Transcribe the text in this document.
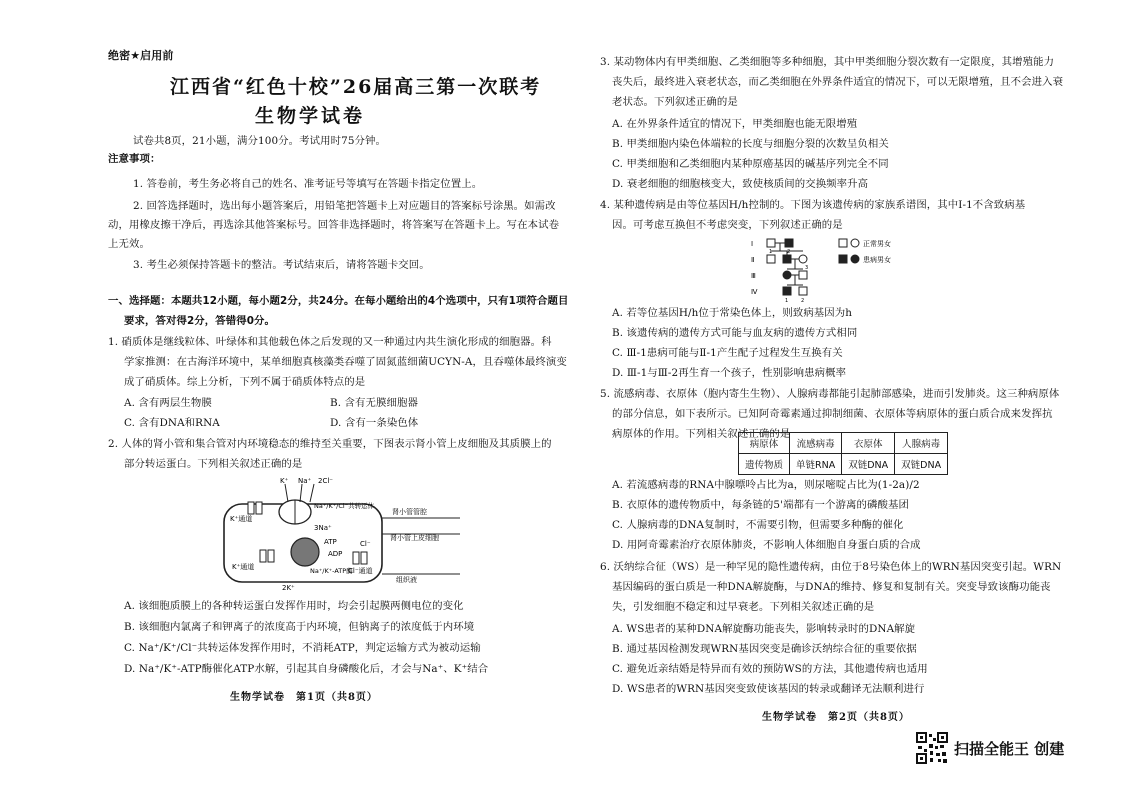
绝密★启用前
江西省“红色十校”26届高三第一次联考
生物学试卷
试卷共8页，21小题，满分100分。考试用时75分钟。
注意事项：
1. 答卷前，考生务必将自己的姓名、准考证号等填写在答题卡指定位置上。
2. 回答选择题时，选出每小题答案后，用铅笔把答题卡上对应题目的答案标号涂黑。如需改
动，用橡皮擦干净后，再选涂其他答案标号。回答非选择题时，将答案写在答题卡上。写在本试卷
上无效。
3. 考生必须保持答题卡的整洁。考试结束后，请将答题卡交回。
一、选择题：本题共12小题，每小题2分，共24分。在每小题给出的4个选项中，只有1项符合题目
要求，答对得2分，答错得0分。
1. 硝质体是继线粒体、叶绿体和其他载色体之后发现的又一种通过内共生演化形成的细胞器。科
学家推测：在古海洋环境中，某单细胞真核藻类吞噬了固氮蓝细菌UCYN-A，且吞噬体最终演变
成了硝质体。综上分析，下列不属于硝质体特点的是
A. 含有两层生物膜	B. 含有无膜细胞器
C. 含有DNA和RNA	D. 含有一条染色体
2. 人体的肾小管和集合管对内环境稳态的维持至关重要，下图表示肾小管上皮细胞及其质膜上的
部分转运蛋白。下列相关叙述正确的是
K⁺ Na⁺ 2Cl⁻
K⁺通道
Na⁺/K⁺/Cl⁻共转运体
肾小管管腔
3Na⁺
ATP
ADP
Cl⁻
肾小管上皮细胞
K⁺通道	Cl⁻通道
Na⁺/K⁺-ATP酶
2K⁺
组织液
A. 该细胞质膜上的各种转运蛋白发挥作用时，均会引起膜两侧电位的变化
B. 该细胞内氯离子和钾离子的浓度高于内环境，但钠离子的浓度低于内环境
C. Na⁺/K⁺/Cl⁻共转运体发挥作用时，不消耗ATP，判定运输方式为被动运输
D. Na⁺/K⁺-ATP酶催化ATP水解，引起其自身磷酸化后，才会与Na⁺、K⁺结合
生物学试卷　第1页（共8页）
3. 某动物体内有甲类细胞、乙类细胞等多种细胞，其中甲类细胞分裂次数有一定限度，其增殖能力
丧失后，最终进入衰老状态，而乙类细胞在外界条件适宜的情况下，可以无限增殖，且不会进入衰
老状态。下列叙述正确的是
A. 在外界条件适宜的情况下，甲类细胞也能无限增殖
B. 甲类细胞内染色体端粒的长度与细胞分裂的次数呈负相关
C. 甲类细胞和乙类细胞内某种原癌基因的碱基序列完全不同
D. 衰老细胞的细胞核变大，致使核质间的交换频率升高
4. 某种遗传病是由等位基因H/h控制的。下图为该遗传病的家族系谱图，其中Ⅰ-1不含致病基
因。可考虑互换但不考虑突变，下列叙述正确的是
Ⅰ
Ⅱ
Ⅲ
Ⅳ
1	2
3
1	2
正常男女
患病男女
A. 若等位基因H/h位于常染色体上，则致病基因为h
B. 该遗传病的遗传方式可能与血友病的遗传方式相同
C. Ⅲ-1患病可能与Ⅱ-1产生配子过程发生互换有关
D. Ⅲ-1与Ⅲ-2再生育一个孩子，性别影响患病概率
5. 流感病毒、衣原体（胞内寄生生物）、人腺病毒都能引起肺部感染，进而引发肺炎。这三种病原体
的部分信息，如下表所示。已知阿奇霉素通过抑制细菌、衣原体等病原体的蛋白质合成来发挥抗
病原体的作用。下列相关叙述正确的是
病原体	流感病毒	衣原体	人腺病毒
遗传物质	单链RNA	双链DNA	双链DNA
A. 若流感病毒的RNA中腺嘌呤占比为a，则尿嘧啶占比为(1-2a)/2
B. 衣原体的遗传物质中，每条链的5'端都有一个游离的磷酸基团
C. 人腺病毒的DNA复制时，不需要引物，但需要多种酶的催化
D. 用阿奇霉素治疗衣原体肺炎，不影响人体细胞自身蛋白质的合成
6. 沃纳综合征（WS）是一种罕见的隐性遗传病，由位于8号染色体上的WRN基因突变引起。WRN
基因编码的蛋白质是一种DNA解旋酶，与DNA的维持、修复和复制有关。突变导致该酶功能丧
失，引发细胞不稳定和过早衰老。下列相关叙述正确的是
A. WS患者的某种DNA解旋酶功能丧失，影响转录时的DNA解旋
B. 通过基因检测发现WRN基因突变是确诊沃纳综合征的重要依据
C. 避免近亲结婚是特异而有效的预防WS的方法，其他遗传病也适用
D. WS患者的WRN基因突变致使该基因的转录或翻译无法顺利进行
生物学试卷　第2页（共8页）
扫描全能王 创建
